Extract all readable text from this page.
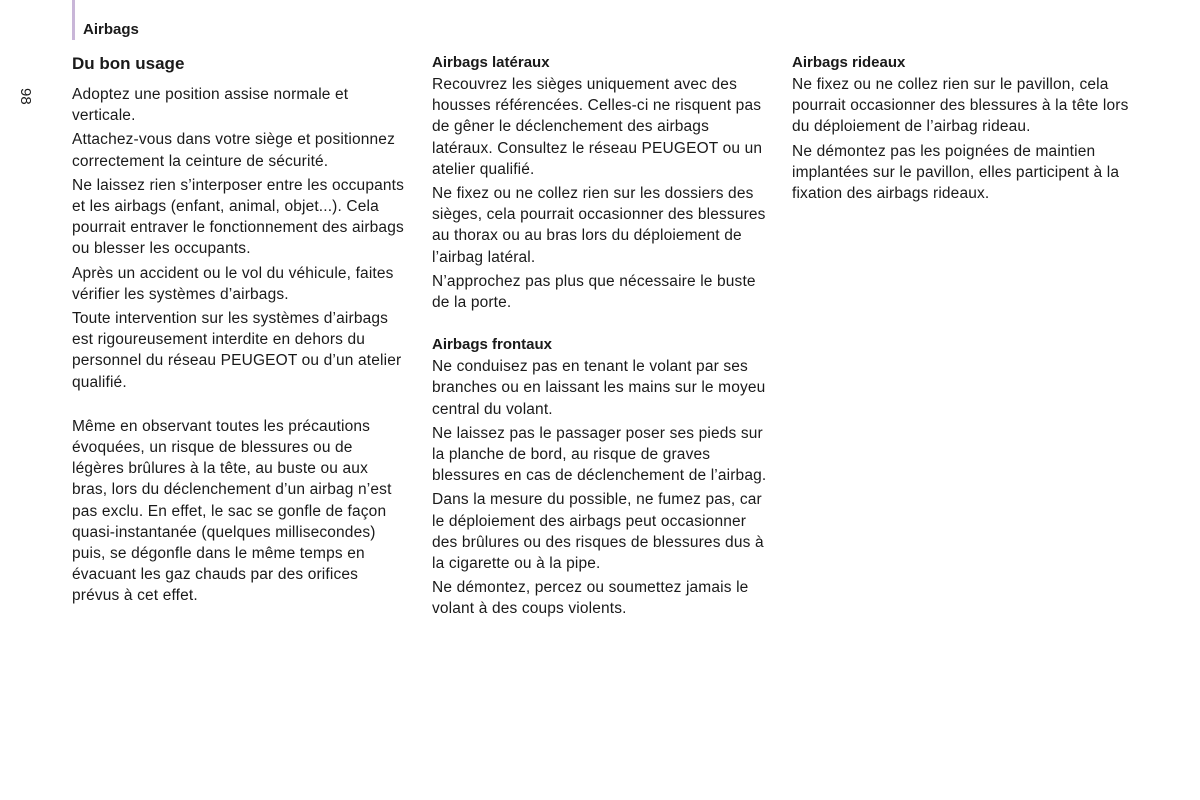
Airbags
98
Du bon usage

Adoptez une position assise normale et verticale.

Attachez-vous dans votre siège et positionnez correctement la ceinture de sécurité.

Ne laissez rien s’interposer entre les occupants et les airbags (enfant, animal, objet...). Cela pourrait entraver le fonctionnement des airbags ou blesser les occupants.

Après un accident ou le vol du véhicule, faites vérifier les systèmes d’airbags.

Toute intervention sur les systèmes d’airbags est rigoureusement interdite en dehors du personnel du réseau PEUGEOT ou d’un atelier qualifié.

Même en observant toutes les précautions évoquées, un risque de blessures ou de légères brûlures à la tête, au buste ou aux bras, lors du déclenchement d’un airbag n’est pas exclu. En effet, le sac se gonfle de façon quasi-instantanée (quelques millisecondes) puis, se dégonfle dans le même temps en évacuant les gaz chauds par des orifices prévus à cet effet.

Airbags latéraux

Recouvrez les sièges uniquement avec des housses référencées. Celles-ci ne risquent pas de gêner le déclenchement des airbags latéraux. Consultez le réseau PEUGEOT ou un atelier qualifié.

Ne fixez ou ne collez rien sur les dossiers des sièges, cela pourrait occasionner des blessures au thorax ou au bras lors du déploiement de l’airbag latéral.

N’approchez pas plus que nécessaire le buste de la porte.

Airbags frontaux

Ne conduisez pas en tenant le volant par ses branches ou en laissant les mains sur le moyeu central du volant.

Ne laissez pas le passager poser ses pieds sur la planche de bord, au risque de graves blessures en cas de déclenchement de l’airbag.

Dans la mesure du possible, ne fumez pas, car le déploiement des airbags peut occasionner des brûlures ou des risques de blessures dus à la cigarette ou à la pipe.

Ne démontez, percez ou soumettez jamais le volant à des coups violents.

Airbags rideaux

Ne fixez ou ne collez rien sur le pavillon, cela pourrait occasionner des blessures à la tête lors du déploiement de l’airbag rideau.

Ne démontez pas les poignées de maintien implantées sur le pavillon, elles participent à la fixation des airbags rideaux.
